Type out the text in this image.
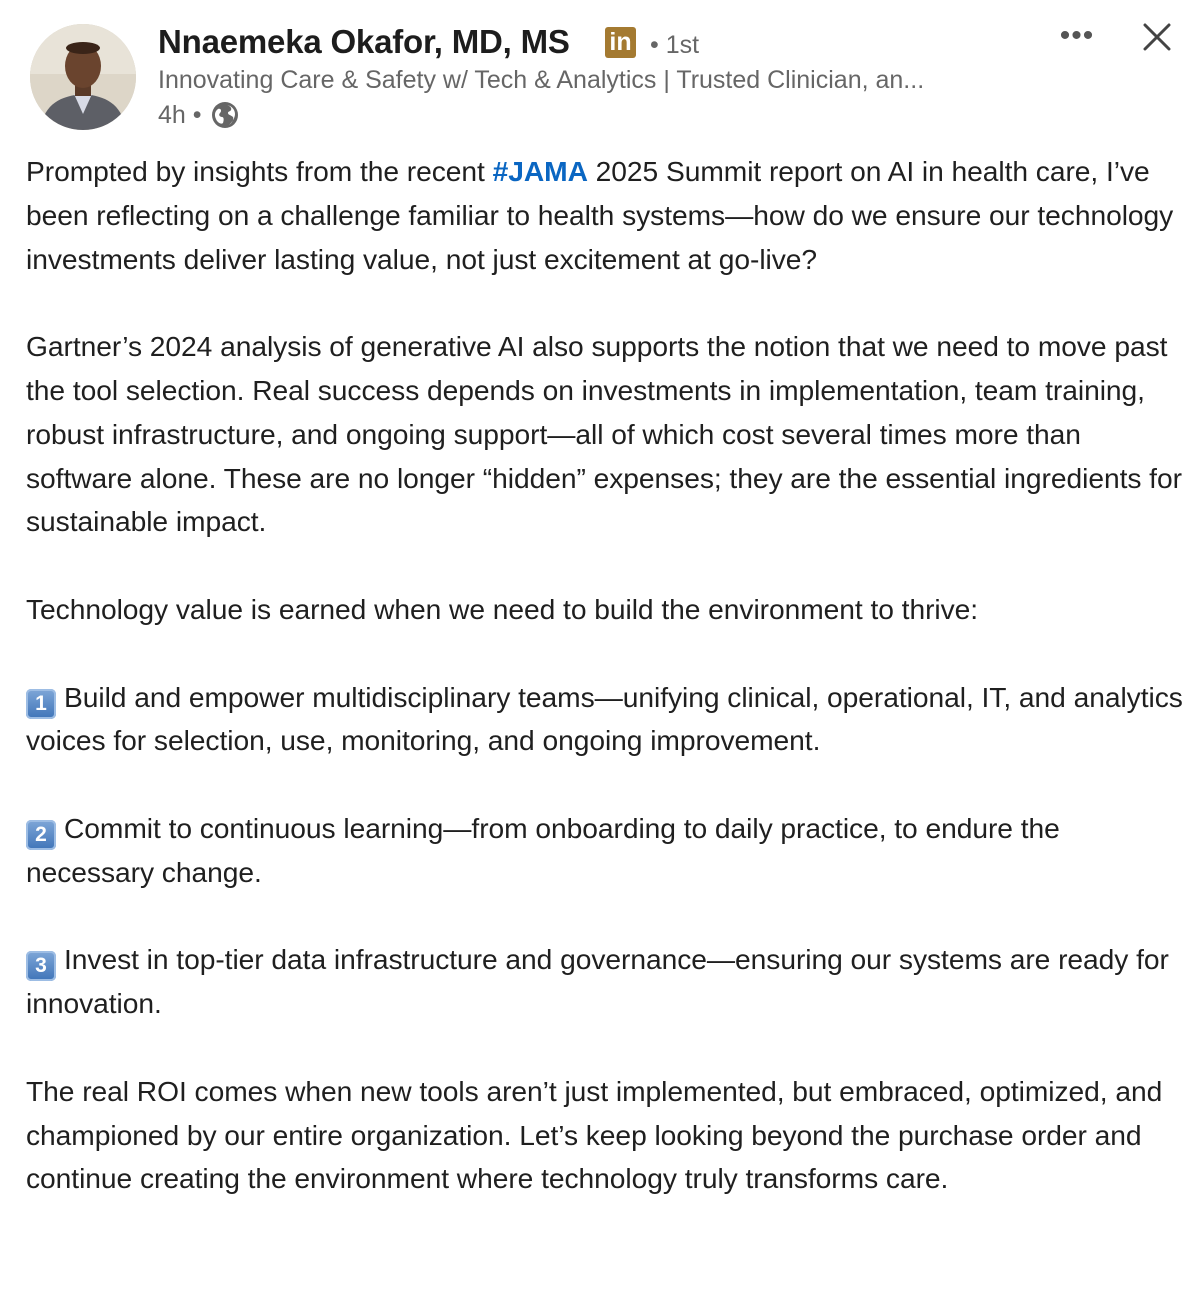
Nnaemeka Okafor, MD, MS in • 1st
Innovating Care & Safety w/ Tech & Analytics | Trusted Clinician, an...
4h •
•••

Prompted by insights from the recent #JAMA 2025 Summit report on AI in health care, I’ve been reflecting on a challenge familiar to health systems—how do we ensure our technology investments deliver lasting value, not just excitement at go-live?

Gartner’s 2024 analysis of generative AI also supports the notion that we need to move past the tool selection. Real success depends on investments in implementation, team training, robust infrastructure, and ongoing support—all of which cost several times more than software alone. These are no longer “hidden” expenses; they are the essential ingredients for sustainable impact.

Technology value is earned when we need to build the environment to thrive:

1 Build and empower multidisciplinary teams—unifying clinical, operational, IT, and analytics voices for selection, use, monitoring, and ongoing improvement.

2 Commit to continuous learning—from onboarding to daily practice, to endure the necessary change.

3 Invest in top-tier data infrastructure and governance—ensuring our systems are ready for innovation.

The real ROI comes when new tools aren’t just implemented, but embraced, optimized, and championed by our entire organization. Let’s keep looking beyond the purchase order and continue creating the environment where technology truly transforms care.
